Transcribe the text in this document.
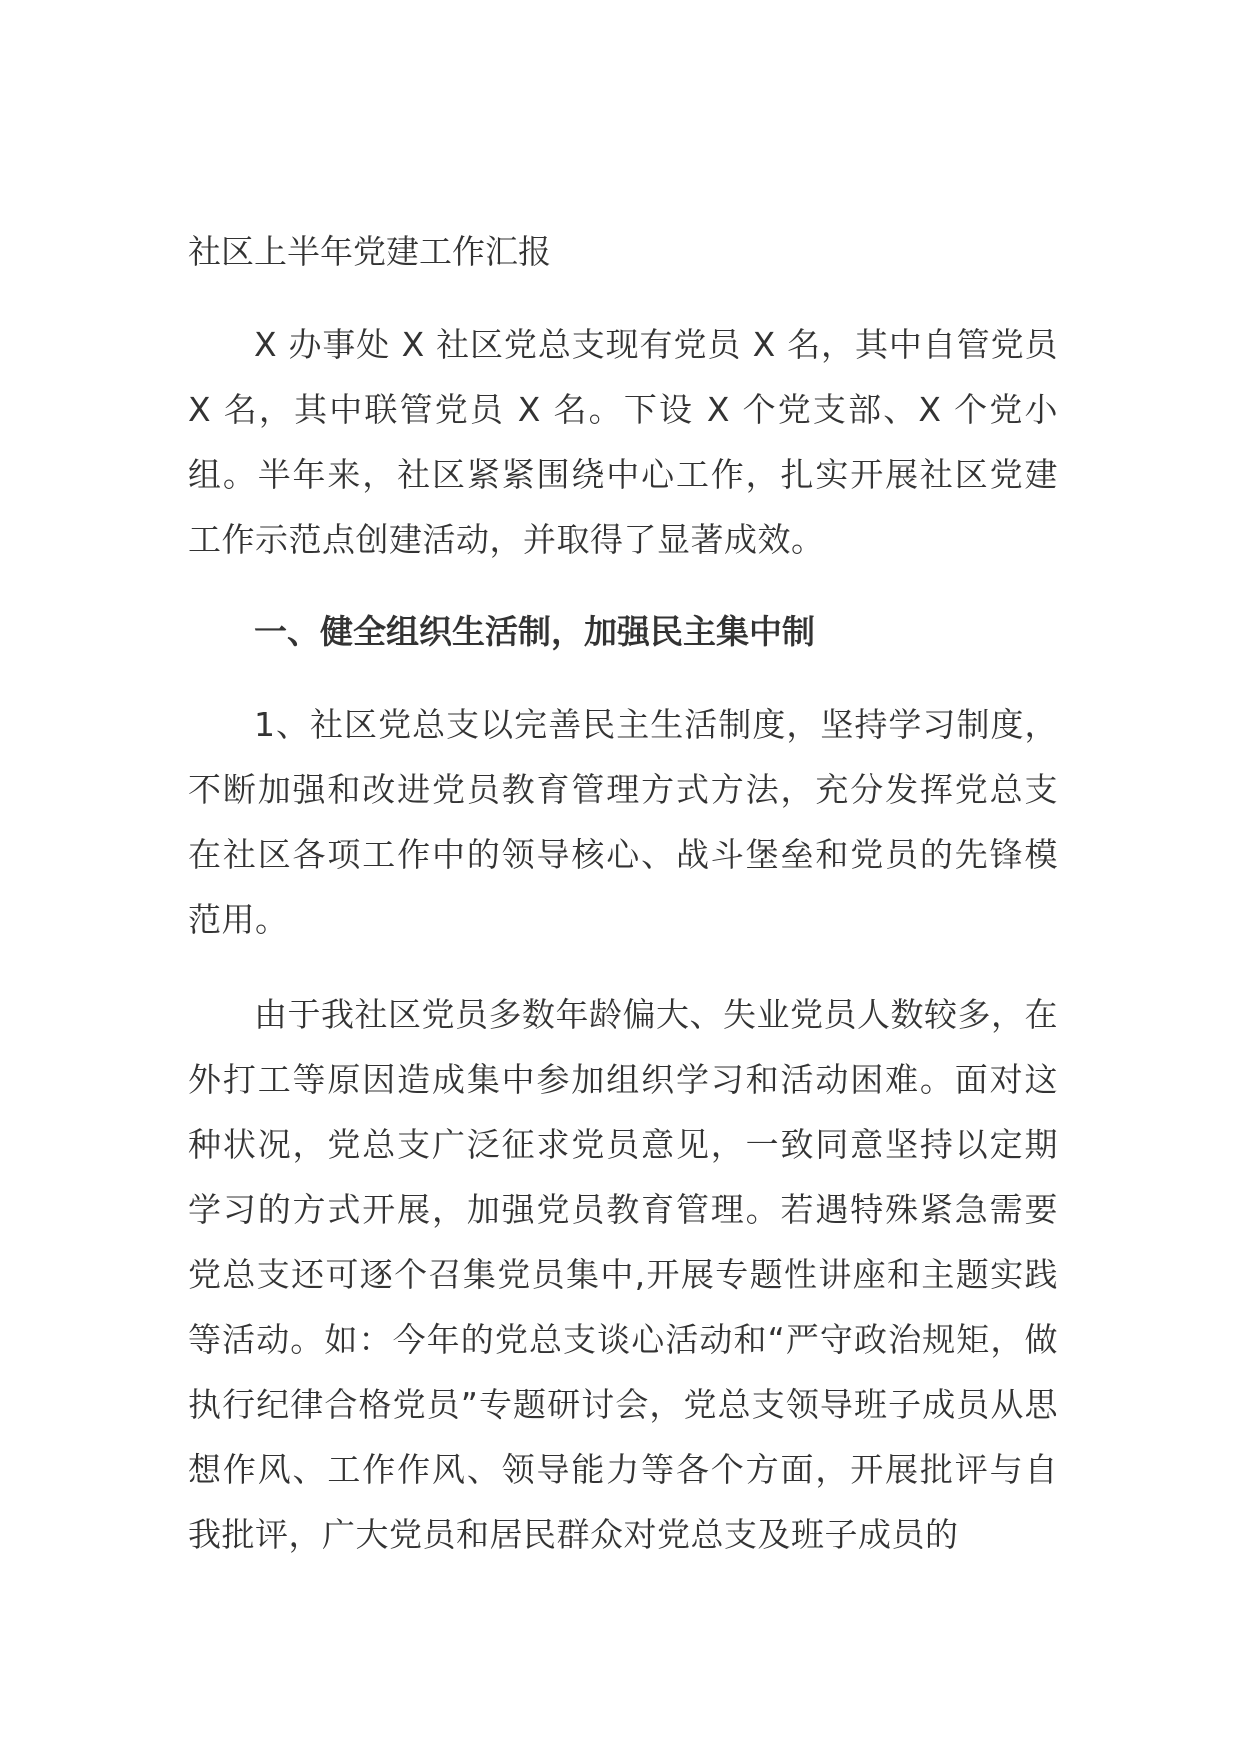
社区上半年党建工作汇报

X 办事处 X 社区党总支现有党员 X 名，其中自管党员 X 名，其中联管党员 X 名。下设 X 个党支部、X 个党小组。半年来，社区紧紧围绕中心工作，扎实开展社区党建工作示范点创建活动，并取得了显著成效。

一、健全组织生活制，加强民主集中制

1、社区党总支以完善民主生活制度，坚持学习制度，不断加强和改进党员教育管理方式方法，充分发挥党总支在社区各项工作中的领导核心、战斗堡垒和党员的先锋模范用。

由于我社区党员多数年龄偏大、失业党员人数较多，在外打工等原因造成集中参加组织学习和活动困难。面对这种状况，党总支广泛征求党员意见，一致同意坚持以定期学习的方式开展，加强党员教育管理。若遇特殊紧急需要党总支还可逐个召集党员集中,开展专题性讲座和主题实践等活动。如：今年的党总支谈心活动和“严守政治规矩，做执行纪律合格党员”专题研讨会，党总支领导班子成员从思想作风、工作作风、领导能力等各个方面，开展批评与自我批评，广大党员和居民群众对党总支及班子成员的
